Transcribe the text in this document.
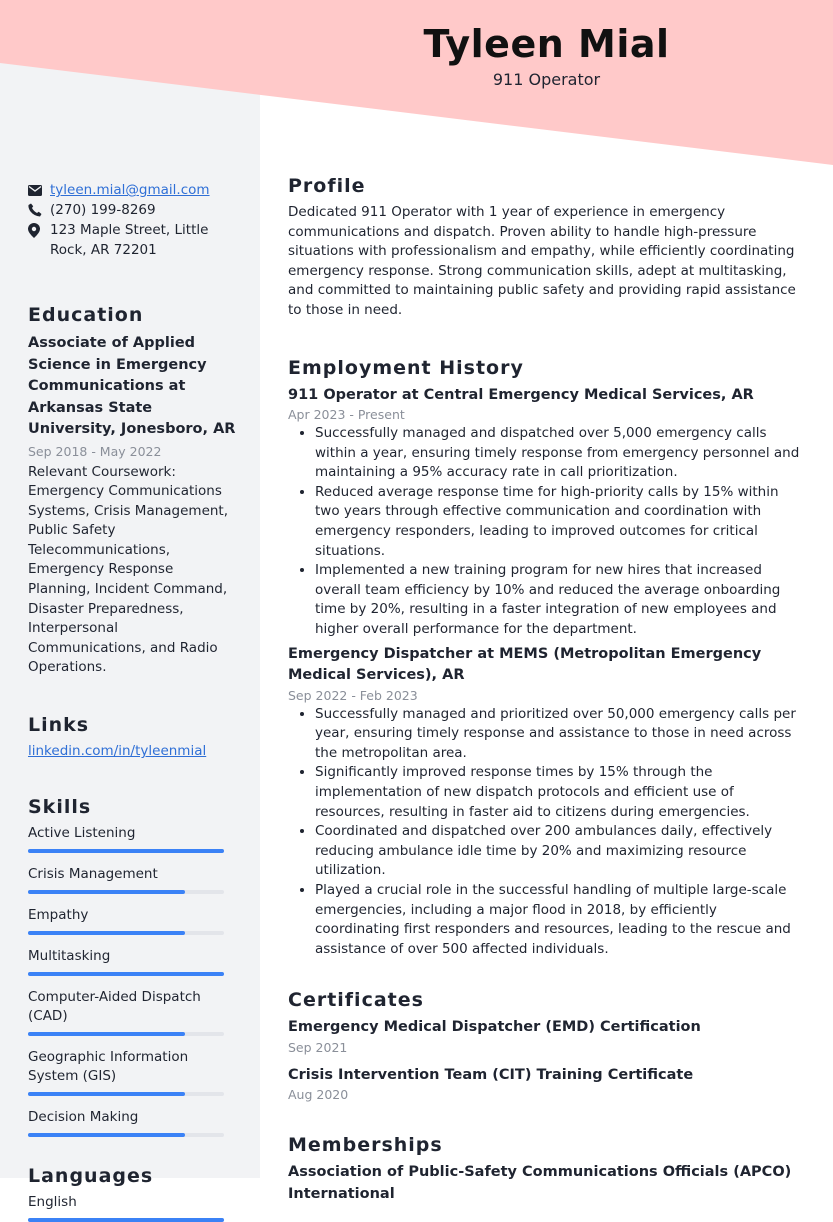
Tyleen Mial
911 Operator
tyleen.mial@gmail.com
(270) 199-8269
123 Maple Street, Little Rock, AR 72201
Education
Associate of Applied Science in Emergency Communications at Arkansas State University, Jonesboro, AR
Sep 2018 - May 2022
Relevant Coursework: Emergency Communications Systems, Crisis Management, Public Safety Telecommunications, Emergency Response Planning, Incident Command, Disaster Preparedness, Interpersonal Communications, and Radio Operations.
Links
linkedin.com/in/tyleenmial
Skills
Active Listening
Crisis Management
Empathy
Multitasking
Computer-Aided Dispatch (CAD)
Geographic Information System (GIS)
Decision Making
Languages
English
Profile
Dedicated 911 Operator with 1 year of experience in emergency communications and dispatch. Proven ability to handle high-pressure situations with professionalism and empathy, while efficiently coordinating emergency response. Strong communication skills, adept at multitasking, and committed to maintaining public safety and providing rapid assistance to those in need.
Employment History
911 Operator at Central Emergency Medical Services, AR
Apr 2023 - Present
• Successfully managed and dispatched over 5,000 emergency calls within a year, ensuring timely response from emergency personnel and maintaining a 95% accuracy rate in call prioritization.
• Reduced average response time for high-priority calls by 15% within two years through effective communication and coordination with emergency responders, leading to improved outcomes for critical situations.
• Implemented a new training program for new hires that increased overall team efficiency by 10% and reduced the average onboarding time by 20%, resulting in a faster integration of new employees and higher overall performance for the department.
Emergency Dispatcher at MEMS (Metropolitan Emergency Medical Services), AR
Sep 2022 - Feb 2023
• Successfully managed and prioritized over 50,000 emergency calls per year, ensuring timely response and assistance to those in need across the metropolitan area.
• Significantly improved response times by 15% through the implementation of new dispatch protocols and efficient use of resources, resulting in faster aid to citizens during emergencies.
• Coordinated and dispatched over 200 ambulances daily, effectively reducing ambulance idle time by 20% and maximizing resource utilization.
• Played a crucial role in the successful handling of multiple large-scale emergencies, including a major flood in 2018, by efficiently coordinating first responders and resources, leading to the rescue and assistance of over 500 affected individuals.
Certificates
Emergency Medical Dispatcher (EMD) Certification
Sep 2021
Crisis Intervention Team (CIT) Training Certificate
Aug 2020
Memberships
Association of Public-Safety Communications Officials (APCO) International
